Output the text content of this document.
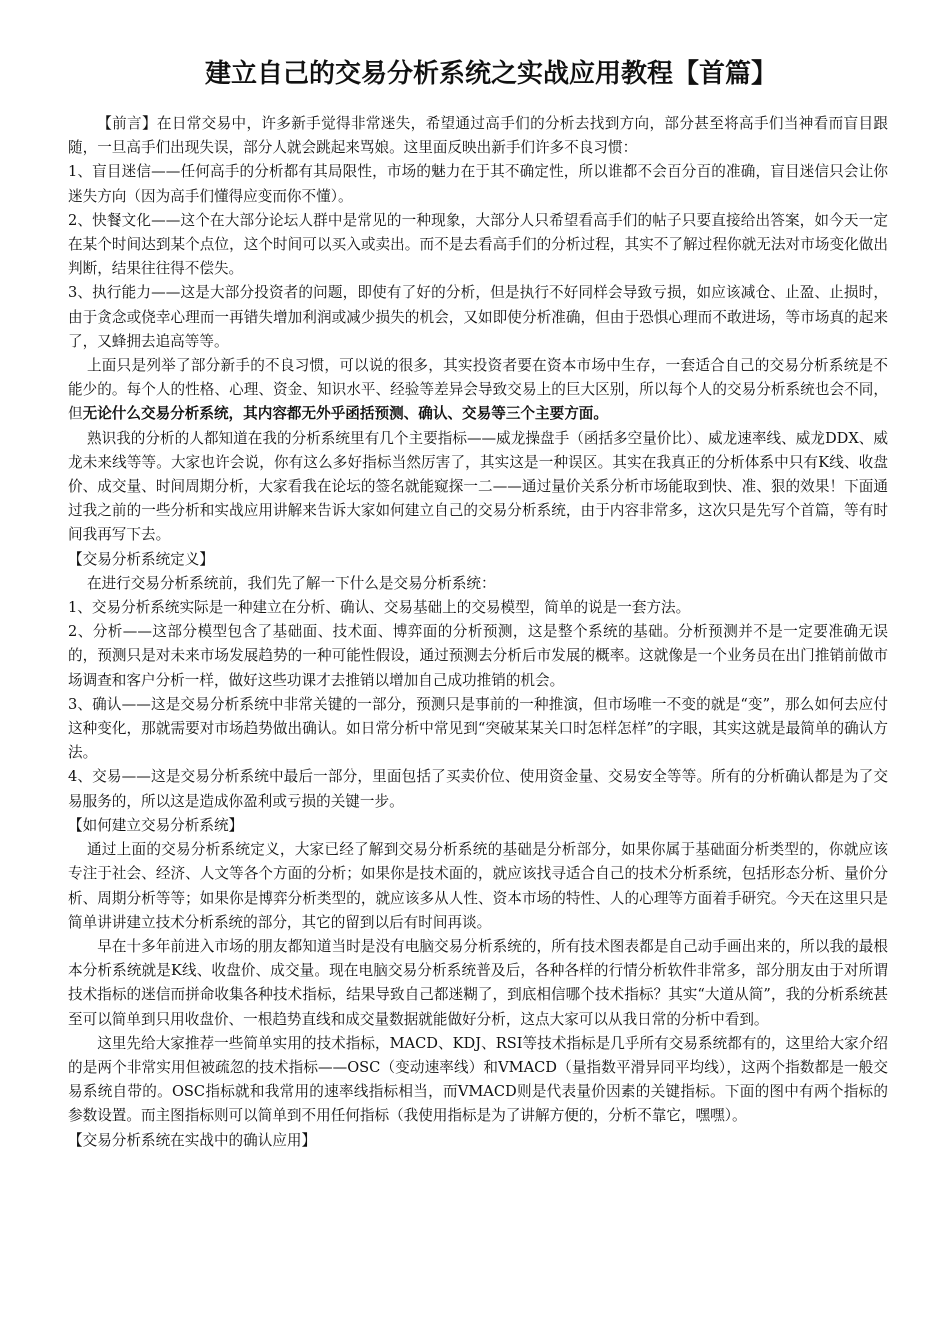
建立自己的交易分析系统之实战应用教程【首篇】

【前言】在日常交易中，许多新手觉得非常迷失，希望通过高手们的分析去找到方向，部分甚至将高手们当神看而盲目跟随，一旦高手们出现失误，部分人就会跳起来骂娘。这里面反映出新手们许多不良习惯：

1、盲目迷信——任何高手的分析都有其局限性，市场的魅力在于其不确定性，所以谁都不会百分百的准确，盲目迷信只会让你迷失方向（因为高手们懂得应变而你不懂）。

2、快餐文化——这个在大部分论坛人群中是常见的一种现象，大部分人只希望看高手们的帖子只要直接给出答案，如今天一定在某个时间达到某个点位，这个时间可以买入或卖出。而不是去看高手们的分析过程，其实不了解过程你就无法对市场变化做出判断，结果往往得不偿失。

3、执行能力——这是大部分投资者的问题，即使有了好的分析，但是执行不好同样会导致亏损，如应该减仓、止盈、止损时，由于贪念或侥幸心理而一再错失增加利润或减少损失的机会，又如即使分析准确，但由于恐惧心理而不敢进场，等市场真的起来了，又蜂拥去追高等等。

上面只是列举了部分新手的不良习惯，可以说的很多，其实投资者要在资本市场中生存，一套适合自己的交易分析系统是不能少的。每个人的性格、心理、资金、知识水平、经验等差异会导致交易上的巨大区别，所以每个人的交易分析系统也会不同，但无论什么交易分析系统，其内容都无外乎函括预测、确认、交易等三个主要方面。

熟识我的分析的人都知道在我的分析系统里有几个主要指标——威龙操盘手（函括多空量价比）、威龙速率线、威龙DDX、威龙未来线等等。大家也许会说，你有这么多好指标当然厉害了，其实这是一种误区。其实在我真正的分析体系中只有K线、收盘价、成交量、时间周期分析，大家看我在论坛的签名就能窥探一二——通过量价关系分析市场能取到快、准、狠的效果！下面通过我之前的一些分析和实战应用讲解来告诉大家如何建立自己的交易分析系统，由于内容非常多，这次只是先写个首篇，等有时间我再写下去。

【交易分析系统定义】

在进行交易分析系统前，我们先了解一下什么是交易分析系统：

1、交易分析系统实际是一种建立在分析、确认、交易基础上的交易模型，简单的说是一套方法。

2、分析——这部分模型包含了基础面、技术面、博弈面的分析预测，这是整个系统的基础。分析预测并不是一定要准确无误的，预测只是对未来市场发展趋势的一种可能性假设，通过预测去分析后市发展的概率。这就像是一个业务员在出门推销前做市场调查和客户分析一样，做好这些功课才去推销以增加自己成功推销的机会。

3、确认——这是交易分析系统中非常关键的一部分，预测只是事前的一种推演，但市场唯一不变的就是“变”，那么如何去应付这种变化，那就需要对市场趋势做出确认。如日常分析中常见到“突破某某关口时怎样怎样”的字眼，其实这就是最简单的确认方法。

4、交易——这是交易分析系统中最后一部分，里面包括了买卖价位、使用资金量、交易安全等等。所有的分析确认都是为了交易服务的，所以这是造成你盈利或亏损的关键一步。

【如何建立交易分析系统】

通过上面的交易分析系统定义，大家已经了解到交易分析系统的基础是分析部分，如果你属于基础面分析类型的，你就应该专注于社会、经济、人文等各个方面的分析；如果你是技术面的，就应该找寻适合自己的技术分析系统，包括形态分析、量价分析、周期分析等等；如果你是博弈分析类型的，就应该多从人性、资本市场的特性、人的心理等方面着手研究。今天在这里只是简单讲讲建立技术分析系统的部分，其它的留到以后有时间再谈。

早在十多年前进入市场的朋友都知道当时是没有电脑交易分析系统的，所有技术图表都是自己动手画出来的，所以我的最根本分析系统就是K线、收盘价、成交量。现在电脑交易分析系统普及后，各种各样的行情分析软件非常多，部分朋友由于对所谓技术指标的迷信而拼命收集各种技术指标，结果导致自己都迷糊了，到底相信哪个技术指标？其实“大道从简”，我的分析系统甚至可以简单到只用收盘价、一根趋势直线和成交量数据就能做好分析，这点大家可以从我日常的分析中看到。

这里先给大家推荐一些简单实用的技术指标，MACD、KDJ、RSI等技术指标是几乎所有交易系统都有的，这里给大家介绍的是两个非常实用但被疏忽的技术指标——OSC（变动速率线）和VMACD（量指数平滑异同平均线），这两个指数都是一般交易系统自带的。OSC指标就和我常用的速率线指标相当，而VMACD则是代表量价因素的关键指标。下面的图中有两个指标的参数设置。而主图指标则可以简单到不用任何指标（我使用指标是为了讲解方便的，分析不靠它，嘿嘿）。

【交易分析系统在实战中的确认应用】
